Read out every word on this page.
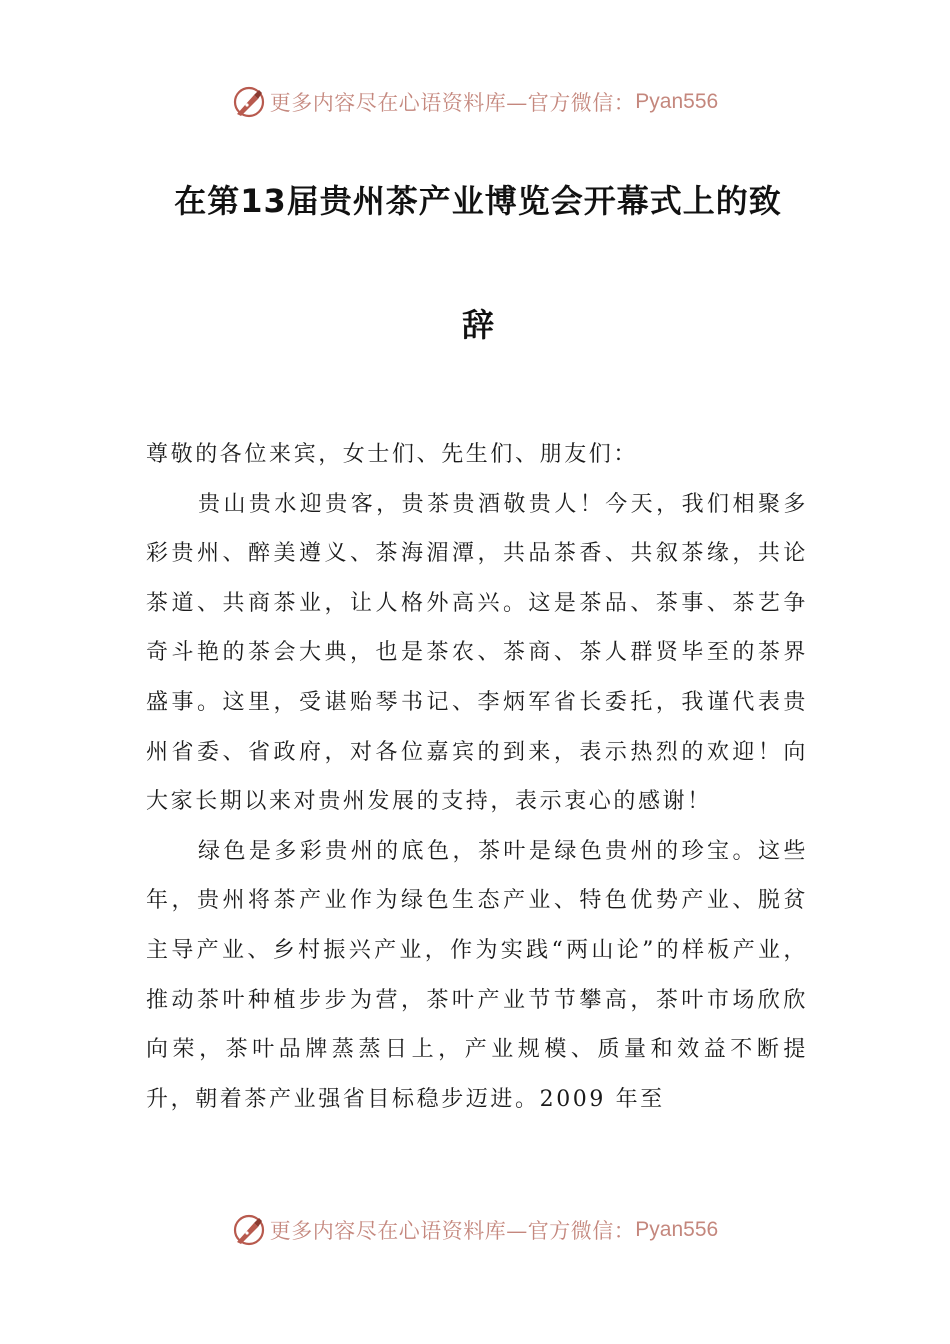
更多内容尽在心语资料库—官方微信： Pyan556
在第13届贵州茶产业博览会开幕式上的致
辞

尊敬的各位来宾，女士们、先生们、朋友们：

贵山贵水迎贵客，贵茶贵酒敬贵人！今天，我们相聚多彩贵州、醉美遵义、茶海湄潭，共品茶香、共叙茶缘，共论茶道、共商茶业，让人格外高兴。这是茶品、茶事、茶艺争奇斗艳的茶会大典，也是茶农、茶商、茶人群贤毕至的茶界盛事。这里，受谌贻琴书记、李炳军省长委托，我谨代表贵州省委、省政府，对各位嘉宾的到来，表示热烈的欢迎！向大家长期以来对贵州发展的支持，表示衷心的感谢！

绿色是多彩贵州的底色，茶叶是绿色贵州的珍宝。这些年，贵州将茶产业作为绿色生态产业、特色优势产业、脱贫主导产业、乡村振兴产业，作为实践“两山论”的样板产业，推动茶叶种植步步为营，茶叶产业节节攀高，茶叶市场欣欣向荣，茶叶品牌蒸蒸日上，产业规模、质量和效益不断提升，朝着茶产业强省目标稳步迈进。2009 年至

更多内容尽在心语资料库—官方微信： Pyan556
